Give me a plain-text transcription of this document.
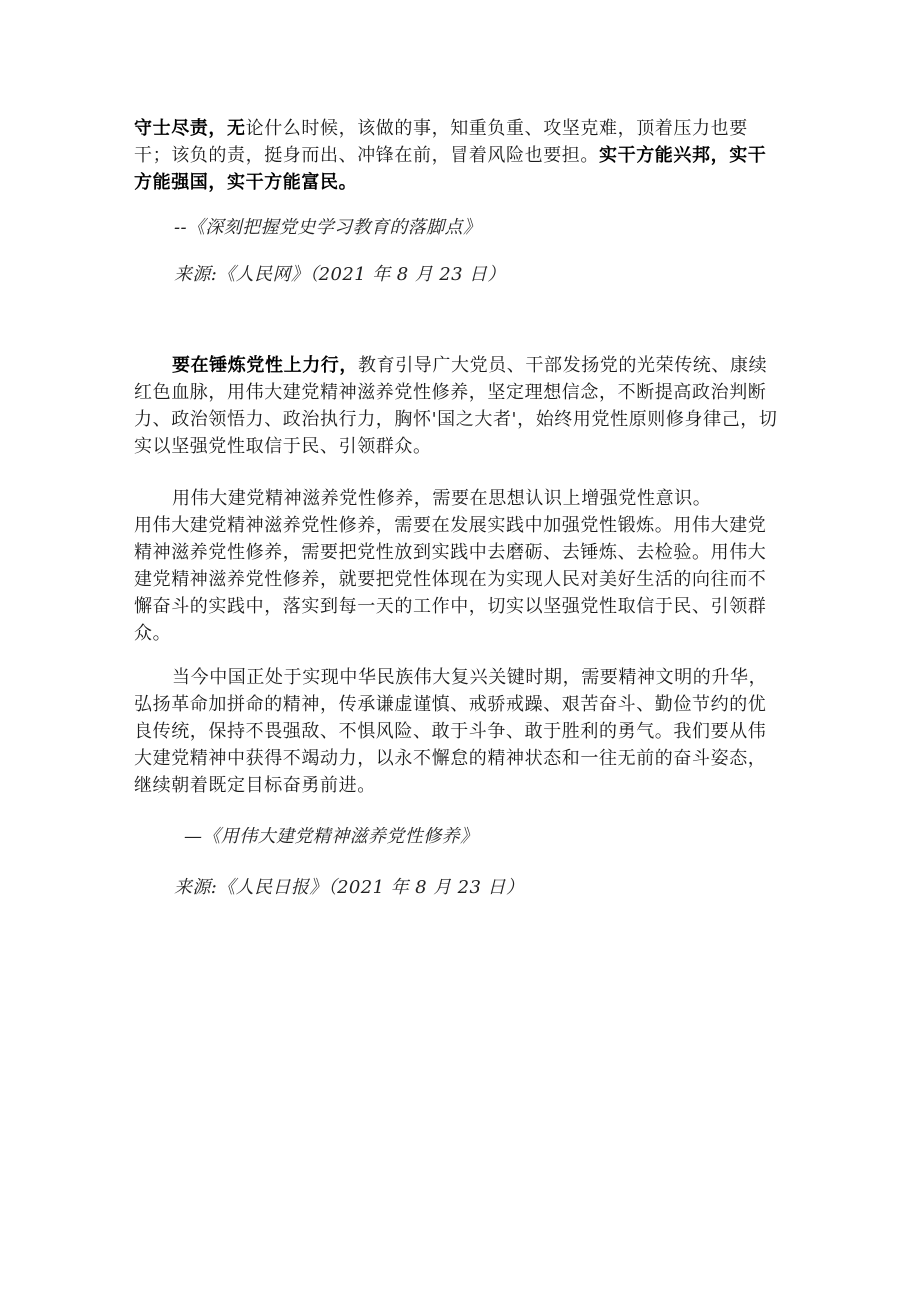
守士尽责，无论什么时候，该做的事，知重负重、攻坚克难，顶着压力也要干；该负的责，挺身而出、冲锋在前，冒着风险也要担。实干方能兴邦，实干方能强国，实干方能富民。

--《深刻把握党史学习教育的落脚点》

来源:《人民网》（2021 年 8 月 23 日）

要在锤炼党性上力行，教育引导广大党员、干部发扬党的光荣传统、康续红色血脉，用伟大建党精神滋养党性修养，坚定理想信念，不断提高政治判断力、政治领悟力、政治执行力，胸怀'国之大者'，始终用党性原则修身律己，切实以坚强党性取信于民、引领群众。

用伟大建党精神滋养党性修养，需要在思想认识上增强党性意识。
用伟大建党精神滋养党性修养，需要在发展实践中加强党性锻炼。用伟大建党精神滋养党性修养，需要把党性放到实践中去磨砺、去锤炼、去检验。用伟大建党精神滋养党性修养，就要把党性体现在为实现人民对美好生活的向往而不懈奋斗的实践中，落实到每一天的工作中，切实以坚强党性取信于民、引领群众。

当今中国正处于实现中华民族伟大复兴关键时期，需要精神文明的升华，弘扬革命加拼命的精神，传承谦虚谨慎、戒骄戒躁、艰苦奋斗、勤俭节约的优良传统，保持不畏强敌、不惧风险、敢于斗争、敢于胜利的勇气。我们要从伟大建党精神中获得不竭动力，以永不懈怠的精神状态和一往无前的奋斗姿态，继续朝着既定目标奋勇前进。

—《用伟大建党精神滋养党性修养》

来源:《人民日报》（2021 年 8 月 23 日）
